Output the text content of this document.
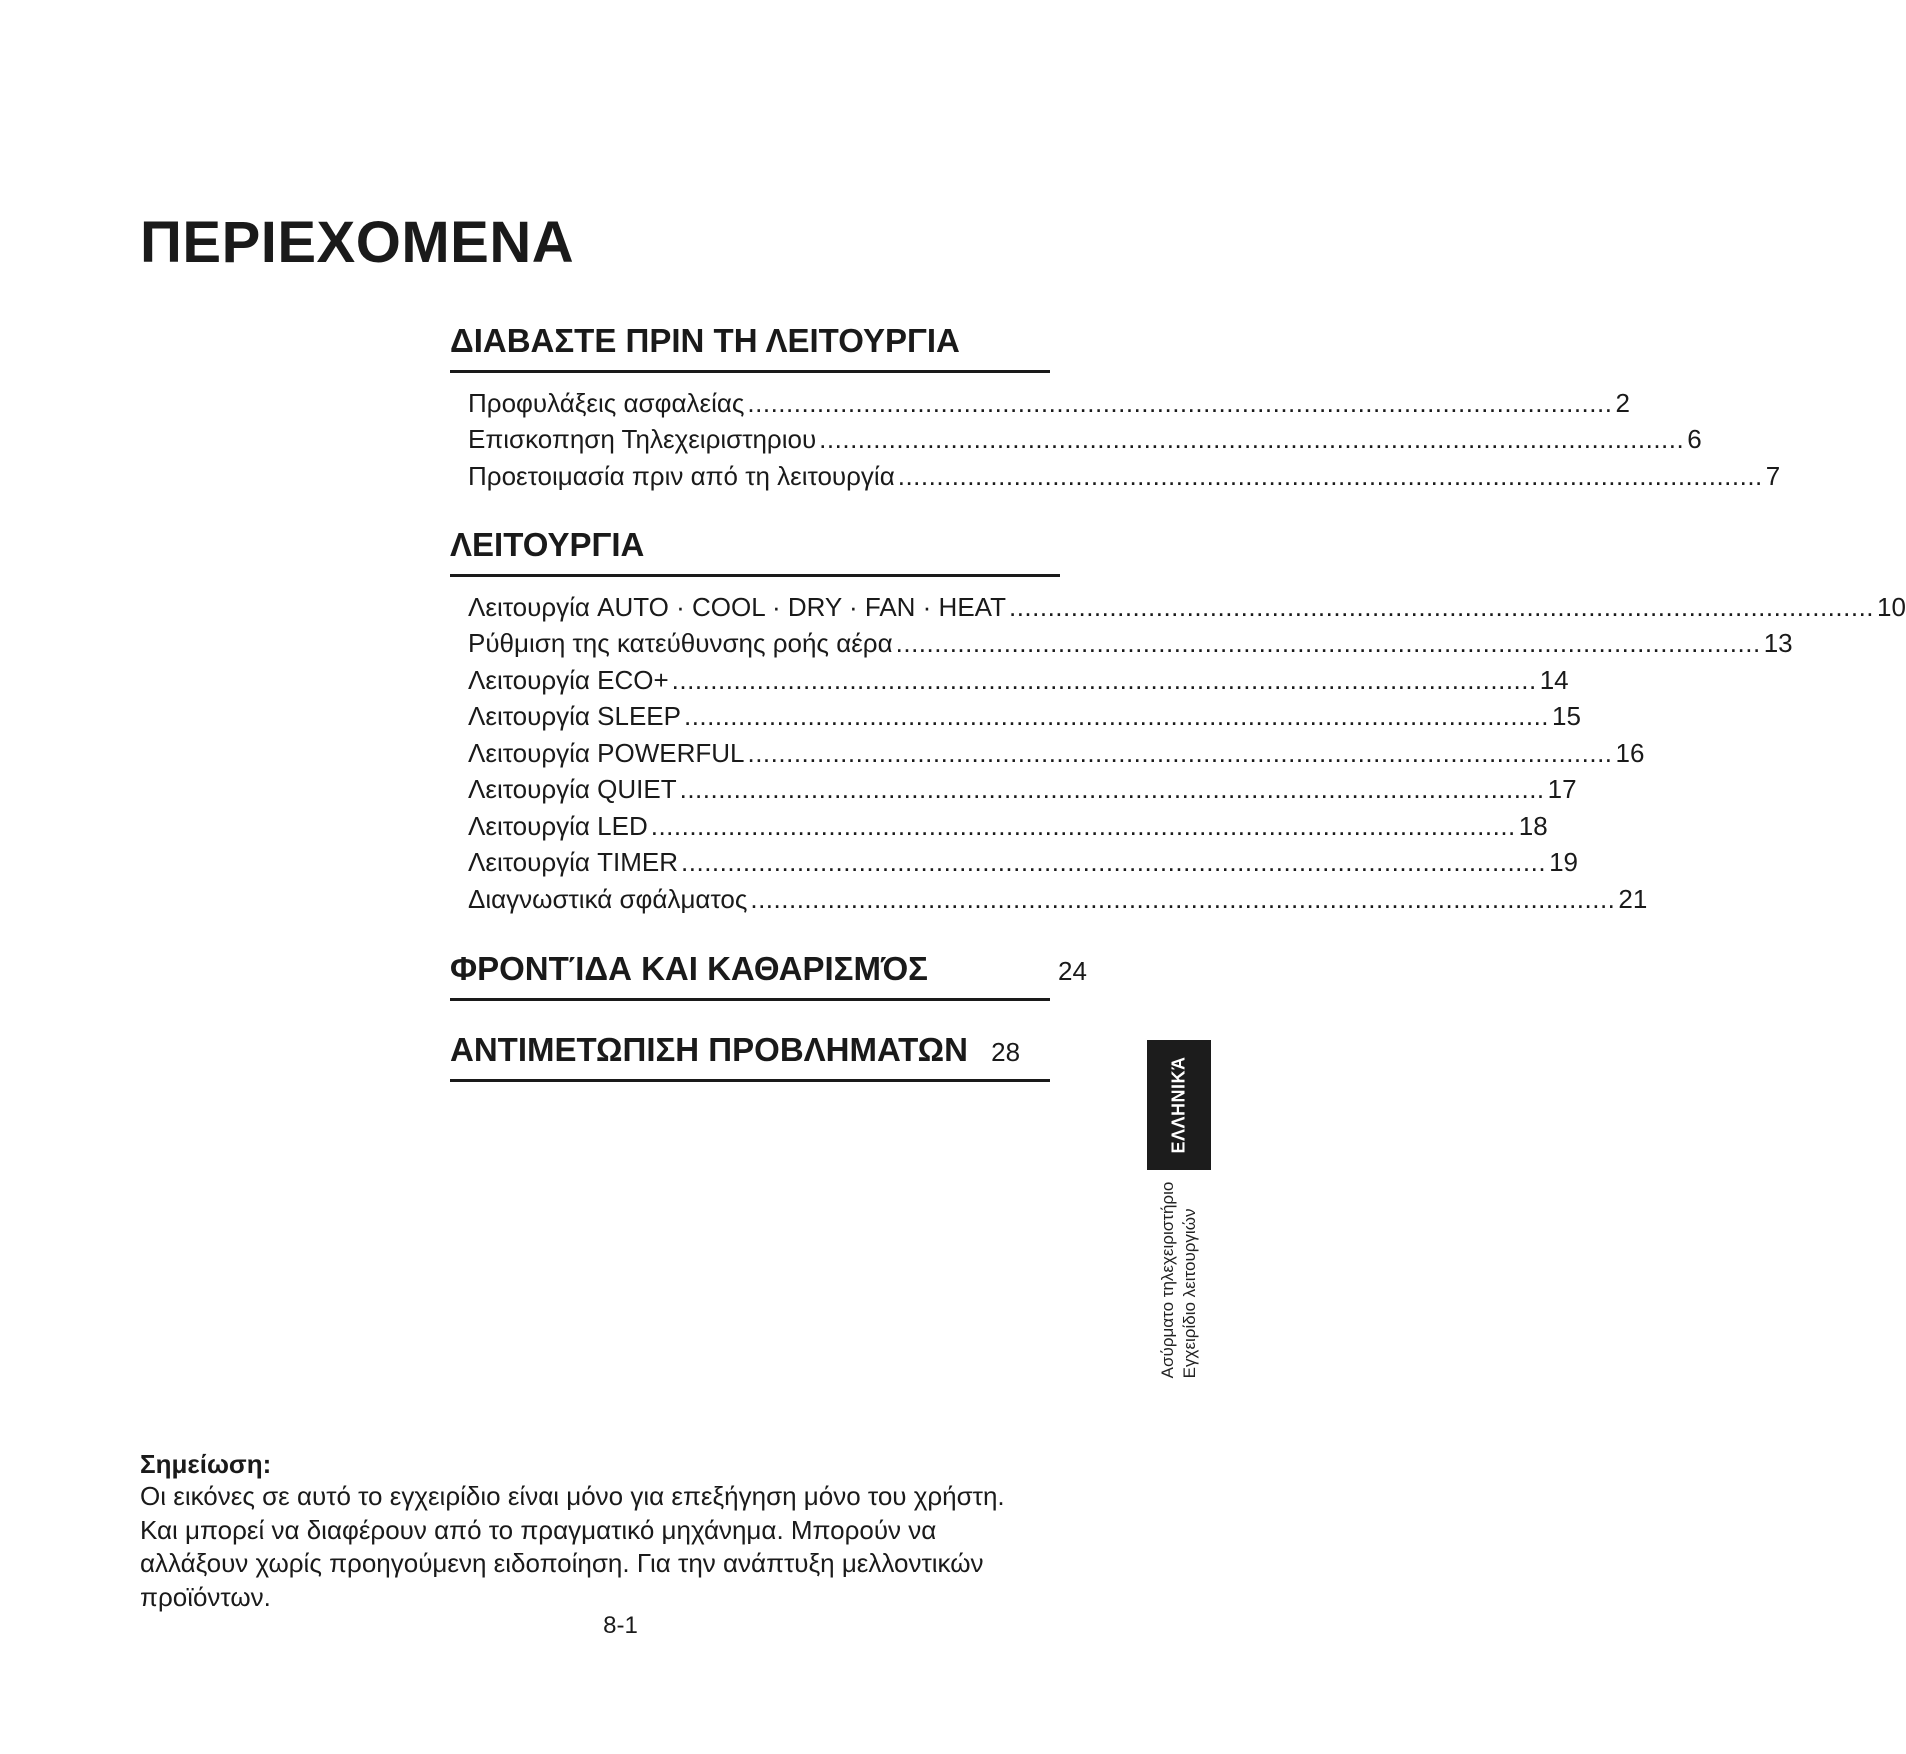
ΠΕΡΙΕΧΟΜΕΝΑ
ΔΙΑΒΑΣΤΕ ΠΡΙΝ ΤΗ ΛΕΙΤΟΥΡΓΙΑ
Προφυλάξεις ασφαλείας ................................................................................................................ 2
Επισκοπηση Τηλεχειριστηριου ................................................................................................................ 6
Προετοιμασία πριν από τη λειτουργία ................................................................................................................ 7
ΛΕΙΤΟΥΡΓΙΑ
Λειτουργία AUTO · COOL · DRY · FAN · HEAT ................................................................................................................ 10
Ρύθμιση της κατεύθυνσης ροής αέρα ................................................................................................................ 13
Λειτουργία ECO+ ................................................................................................................ 14
Λειτουργία SLEEP ................................................................................................................ 15
Λειτουργία POWERFUL ................................................................................................................ 16
Λειτουργία QUIET ................................................................................................................ 17
Λειτουργία LED ................................................................................................................ 18
Λειτουργία TIMER ................................................................................................................ 19
Διαγνωστικά σφάλματος ................................................................................................................ 21
ΦΡΟΝΤΊΔΑ ΚΑΙ ΚΑΘΑΡΙΣΜΌΣ	24
ΑΝΤΙΜΕΤΩΠΙΣΗ ΠΡΟΒΛΗΜΑΤΩΝ 28
ΕΛΛΗΝΙΚΆ
Ασύρματο τηλεχειριστήριο Εγχειρίδιο λειτουργιών
Σημείωση:
Οι εικόνες σε αυτό το εγχειρίδιο είναι μόνο για επεξήγηση μόνο του χρήστη.
Και μπορεί να διαφέρουν από το πραγματικό μηχάνημα. Μπορούν να
αλλάξουν χωρίς προηγούμενη ειδοποίηση. Για την ανάπτυξη μελλοντικών
προϊόντων.
8-1
